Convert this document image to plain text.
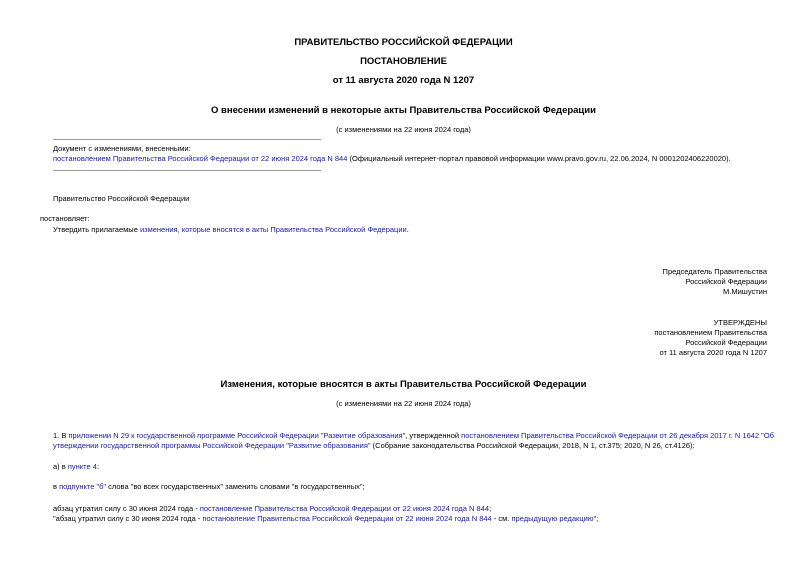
ПРАВИТЕЛЬСТВО РОССИЙСКОЙ ФЕДЕРАЦИИ
ПОСТАНОВЛЕНИЕ
от 11 августа 2020 года N 1207
О внесении изменений в некоторые акты Правительства Российской Федерации
(с изменениями на 22 июня 2024 года)
Документ с изменениями, внесенными:
постановлением Правительства Российской Федерации от 22 июня 2024 года N 844 (Официальный интернет-портал правовой информации www.pravo.gov.ru, 22.06.2024, N 0001202406220020).
Правительство Российской Федерации
постановляет:
Утвердить прилагаемые изменения, которые вносятся в акты Правительства Российской Федерации.
Председатель Правительства
Российской Федерации
М.Мишустин
УТВЕРЖДЕНЫ
постановлением Правительства
Российской Федерации
от 11 августа 2020 года N 1207
Изменения, которые вносятся в акты Правительства Российской Федерации
(с изменениями на 22 июня 2024 года)
1. В приложении N 29 к государственной программе Российской Федерации "Развитие образования", утвержденной постановлением Правительства Российской Федерации от 26 декабря 2017 г. N 1642 "Об
утверждении государственной программы Российской Федерации "Развитие образования" (Собрание законодательства Российской Федерации, 2018, N 1, ст.375; 2020, N 26, ст.4126):
а) в пункте 4:
в подпункте "б" слова "во всех государственных" заменить словами "в государственных";
абзац утратил силу с 30 июня 2024 года - постановление Правительства Российской Федерации от 22 июня 2024 года N 844;
"абзац утратил силу с 30 июня 2024 года - постановление Правительства Российской Федерации от 22 июня 2024 года N 844 - см. предыдущую редакцию";
